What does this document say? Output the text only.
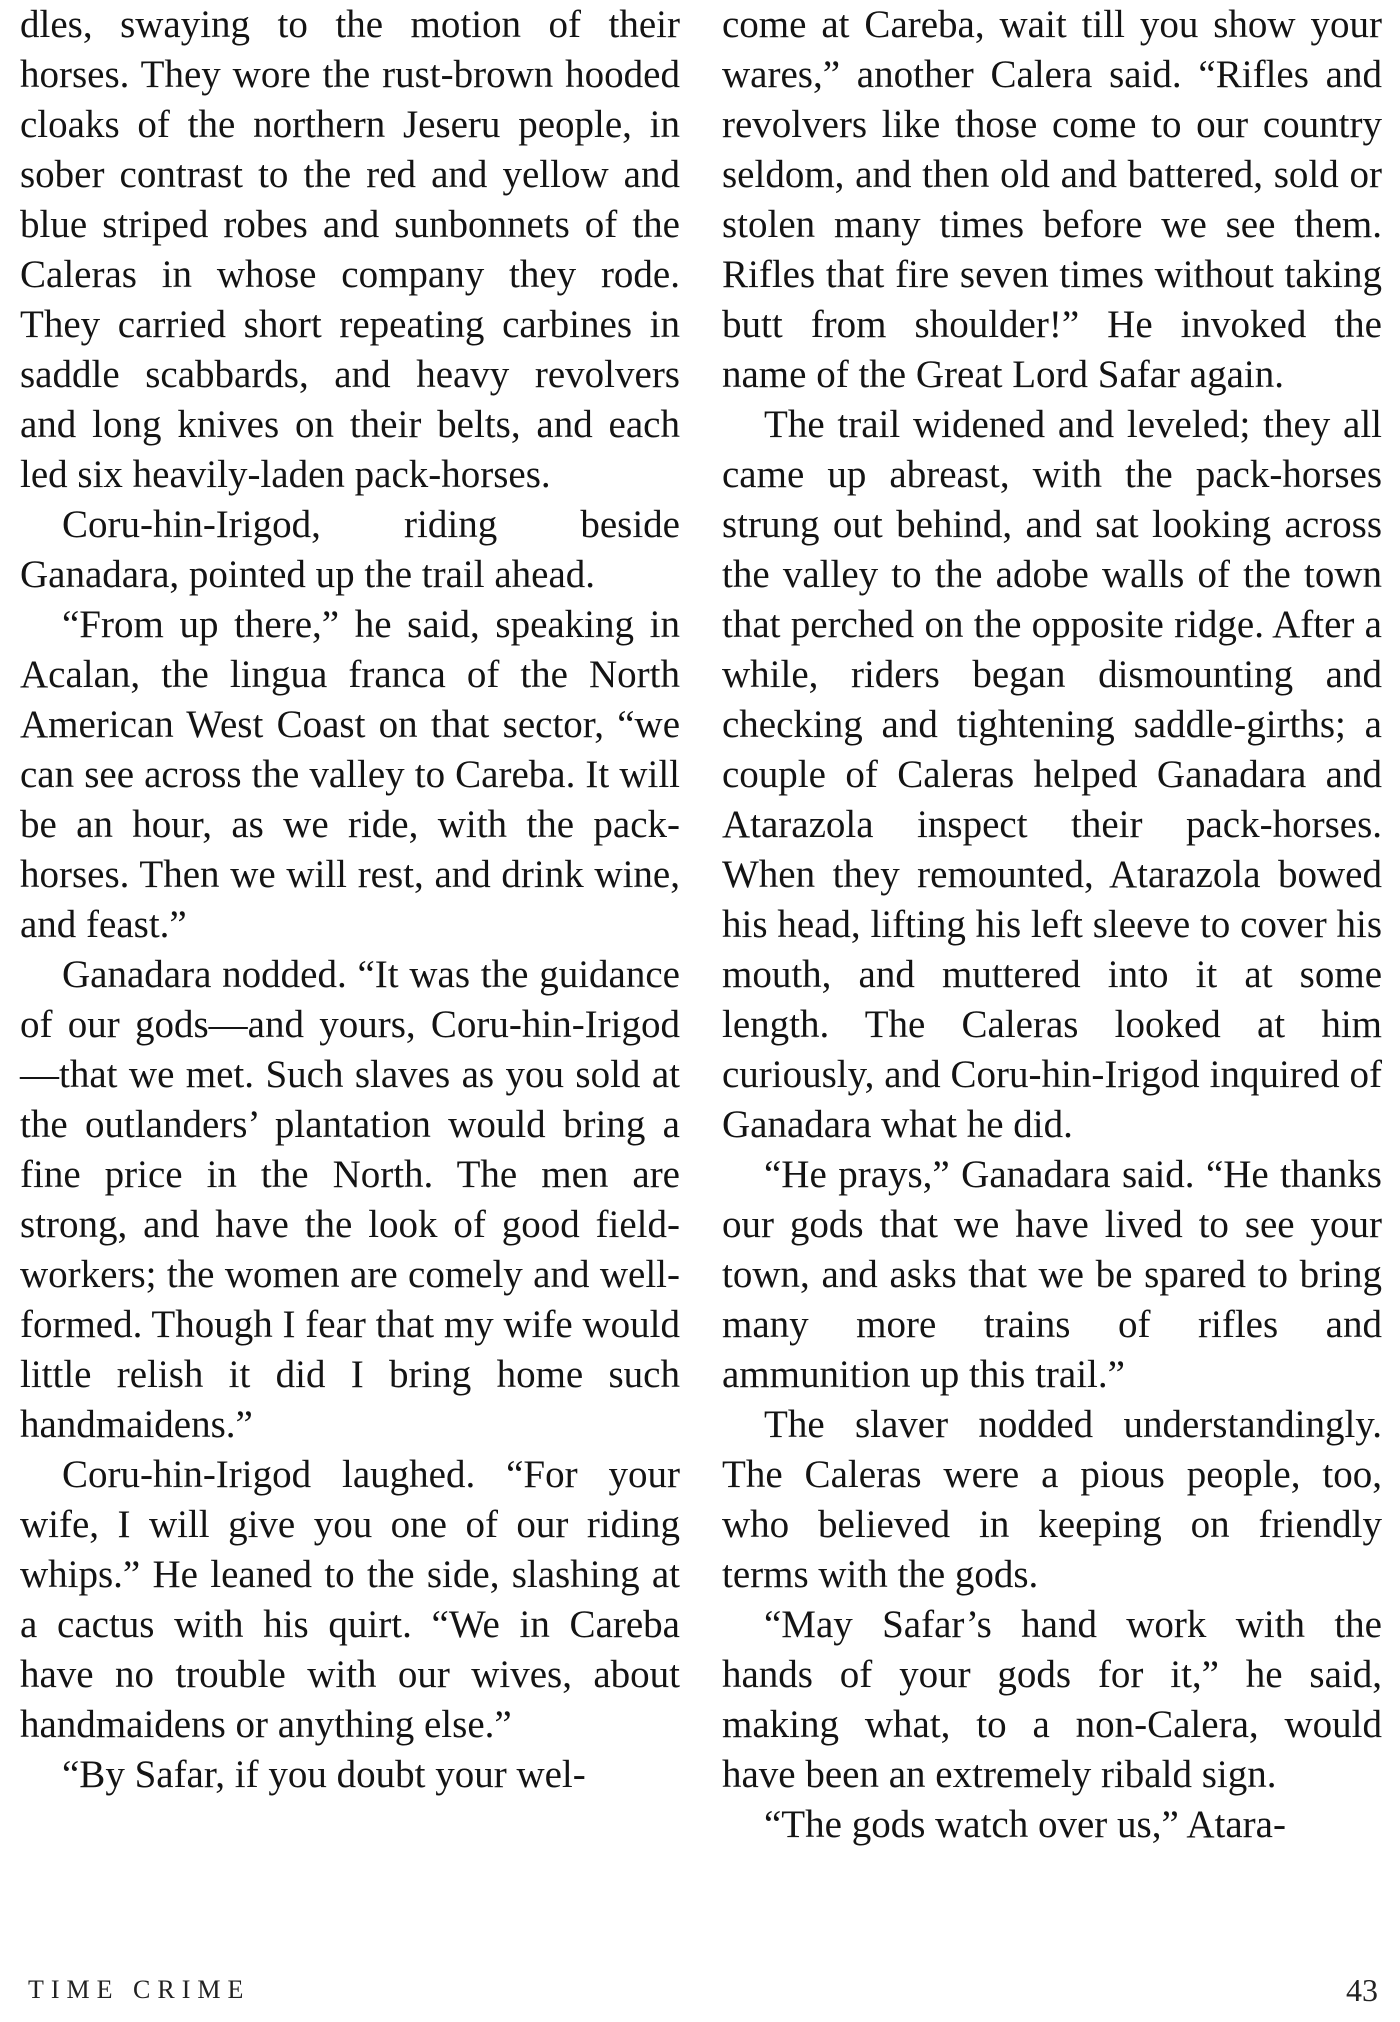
dles, swaying to the motion of their horses. They wore the rust-brown hooded cloaks of the northern Jeseru people, in sober contrast to the red and yellow and blue striped robes and sunbonnets of the Caleras in whose company they rode. They carried short repeating carbines in saddle scabbards, and heavy revolvers and long knives on their belts, and each led six heavily-laden pack-horses.

Coru-hin-Irigod, riding beside Ganadara, pointed up the trail ahead.

“From up there,” he said, speaking in Acalan, the lingua franca of the North American West Coast on that sector, “we can see across the valley to Careba. It will be an hour, as we ride, with the pack-horses. Then we will rest, and drink wine, and feast.”

Ganadara nodded. “It was the guidance of our gods—and yours, Coru-hin-Irigod—that we met. Such slaves as you sold at the outlanders’ plantation would bring a fine price in the North. The men are strong, and have the look of good field-workers; the women are comely and well-formed. Though I fear that my wife would little relish it did I bring home such handmaidens.”

Coru-hin-Irigod laughed. “For your wife, I will give you one of our riding whips.” He leaned to the side, slashing at a cactus with his quirt. “We in Careba have no trouble with our wives, about handmaidens or anything else.”

“By Safar, if you doubt your wel-

come at Careba, wait till you show your wares,” another Calera said. “Rifles and revolvers like those come to our country seldom, and then old and battered, sold or stolen many times before we see them. Rifles that fire seven times without taking butt from shoulder!” He invoked the name of the Great Lord Safar again.

The trail widened and leveled; they all came up abreast, with the pack-horses strung out behind, and sat looking across the valley to the adobe walls of the town that perched on the opposite ridge. After a while, riders began dismounting and checking and tightening saddle-girths; a couple of Caleras helped Ganadara and Atarazola inspect their pack-horses. When they remounted, Atarazola bowed his head, lifting his left sleeve to cover his mouth, and muttered into it at some length. The Caleras looked at him curiously, and Coru-hin-Irigod inquired of Ganadara what he did.

“He prays,” Ganadara said. “He thanks our gods that we have lived to see your town, and asks that we be spared to bring many more trains of rifles and ammunition up this trail.”

The slaver nodded understandingly. The Caleras were a pious people, too, who believed in keeping on friendly terms with the gods.

“May Safar’s hand work with the hands of your gods for it,” he said, making what, to a non-Calera, would have been an extremely ribald sign.

“The gods watch over us,” Atara-

TIME CRIME	43
